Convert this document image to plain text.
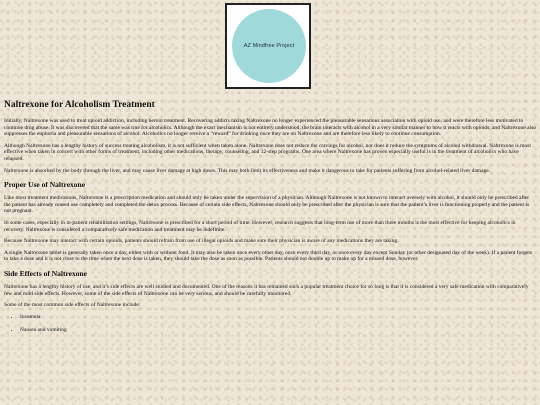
AZ Mindfree Project
Naltrexone for Alcoholism Treatment

Initially, Naltrexone was used to treat opioid addiction, including heroin treatment. Recovering addicts taking Naltrexone no longer experienced the pleasurable sensations association with opioid use, and were therefore less motivated to continue drug abuse. It was discovered that the same was true for alcoholics. Although the exact mechanism is not entirely understood, the brain interacts with alcohol in a very similar manner to how it reacts with opioids, and Naltrexone also suppresses the euphoria and pleasurable sensations of alcohol. Alcoholics no longer receive a “reward” for drinking once they are on Naltrexone and are therefore less likely to continue consumption.

Although Naltrexone has a lengthy history of success treating alcoholism, it is not sufficient when taken alone. Naltrexone does not reduce the cravings for alcohol, nor does it reduce the symptoms of alcohol withdrawal. Naltrexone is most effective when taken in concert with other forms of treatment, including other medications, therapy, counseling, and 12-step programs. One area where Naltrexone has proven especially useful is in the treatment of alcoholics who have relapsed.

Naltrexone is absorbed by the body through the liver, and may cause liver damage at high doses. This may both limit its effectiveness and make it dangerous to take for patients suffering from alcohol-related liver damage.

Proper Use of Naltrexone

Like most treatment medications, Naltrexone is a prescription medication and should only be taken under the supervision of a physician. Although Naltrexone is not known to interact aversely with alcohol, it should only be prescribed after the patient has already ceased use completely and completed the detox process. Because of certain side effects, Naltrexone should only be prescribed after the physician is sure that the patient’s liver is functioning properly and the patient is not pregnant.

In some cases, especially in in-patient rehabilitation settings, Naltrexone is prescribed for a short period of time. However, research suggests that long-term use of more than three months is the most effective for keeping alcoholics in recovery. Naltrexone is considered a comparatively safe medication and treatment may be indefinite.

Because Naltrexone may interact with certain opioids, patients should refrain from use of illegal opioids and make sure their physician is aware of any medications they are taking.

A single Naltrexone tablet is generally taken once a day, either with or without food. It may also be taken once every other day, once every third day, or once every day except Sunday (or other designated day of the week). If a patient forgets to take a dose and it is not close to the time when the next dose is taken, they should take the dose as soon as possible. Patients should not double up to make up for a missed dose, however.

Side Effects of Naltrexone

Naltrexone has a lengthy history of use, and it’s side effects are well studied and documented. One of the reasons it has remained such a popular treatment choice for so long is that it is considered a very safe medication with comparatively few and mild side effects. However, some of the side effects of Naltrexone can be very serious, and should be carefully monitored.

Some of the most common side effects of Naltrexone include:

• Insomnia
• Nausea and vomiting
